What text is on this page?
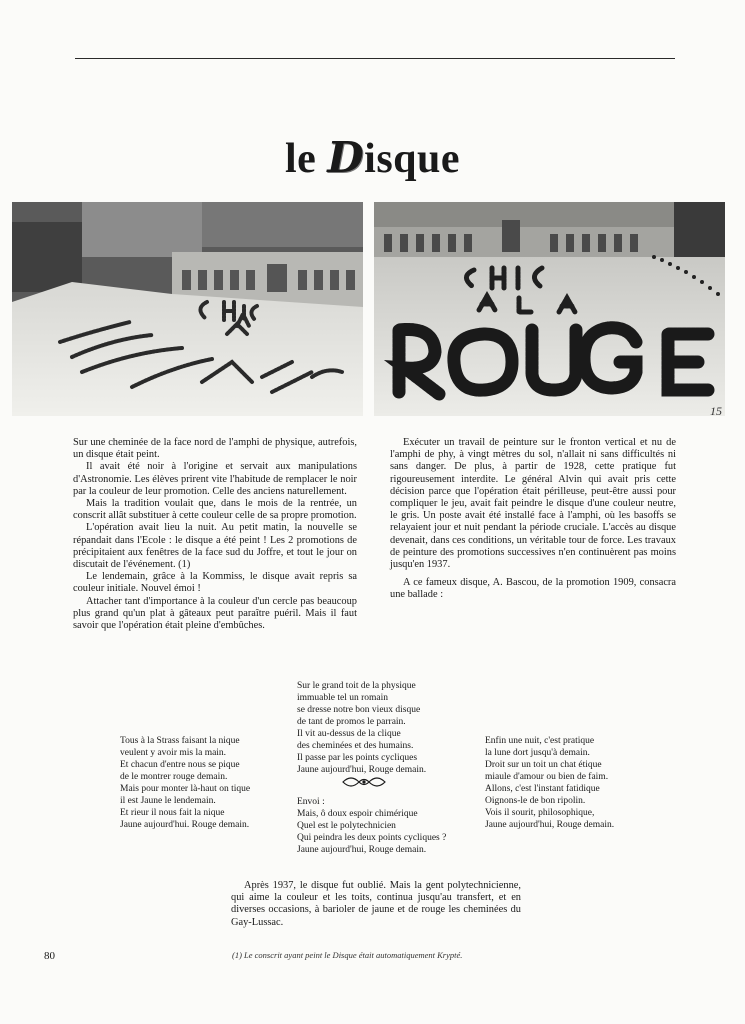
le Disque
15

Sur une cheminée de la face nord de l'amphi de physique, autrefois, un disque était peint.

Il avait été noir à l'origine et servait aux manipulations d'Astronomie. Les élèves prirent vite l'habitude de remplacer le noir par la couleur de leur promotion. Celle des anciens naturellement.

Mais la tradition voulait que, dans le mois de la rentrée, un conscrit allât substituer à cette couleur celle de sa propre promotion.

L'opération avait lieu la nuit. Au petit matin, la nouvelle se répandait dans l'Ecole : le disque a été peint ! Les 2 promotions de précipitaient aux fenêtres de la face sud du Joffre, et tout le jour on discutait de l'événement. (1)

Le lendemain, grâce à la Kommiss, le disque avait repris sa couleur initiale. Nouvel émoi !

Attacher tant d'importance à la couleur d'un cercle pas beaucoup plus grand qu'un plat à gâteaux peut paraître puéril. Mais il faut savoir que l'opération était pleine d'embûches.

Exécuter un travail de peinture sur le fronton vertical et nu de l'amphi de phy, à vingt mètres du sol, n'allait ni sans difficultés ni sans danger. De plus, à partir de 1928, cette pratique fut rigoureusement interdite. Le général Alvin qui avait pris cette décision parce que l'opération était périlleuse, peut-être aussi pour compliquer le jeu, avait fait peindre le disque d'une couleur neutre, le gris. Un poste avait été installé face à l'amphi, où les basoffs se relayaient jour et nuit pendant la période cruciale. L'accès au disque devenait, dans ces conditions, un véritable tour de force. Les travaux de peinture des promotions successives n'en continuèrent pas moins jusqu'en 1937.

A ce fameux disque, A. Bascou, de la promotion 1909, consacra une ballade :

Sur le grand toit de la physique
immuable tel un romain
se dresse notre bon vieux disque
de tant de promos le parrain.
Il vit au-dessus de la clique
des cheminées et des humains.
Il passe par les points cycliques
Jaune aujourd'hui, Rouge demain.
Tous à la Strass faisant la nique
veulent y avoir mis la main.
Et chacun d'entre nous se pique
de le montrer rouge demain.
Mais pour monter là-haut on tique
il est Jaune le lendemain.
Et rieur il nous fait la nique
Jaune aujourd'hui. Rouge demain.
Enfin une nuit, c'est pratique
la lune dort jusqu'à demain.
Droit sur un toit un chat étique
miaule d'amour ou bien de faim.
Allons, c'est l'instant fatidique
Oignons-le de bon ripolin.
Vois il sourit, philosophique,
Jaune aujourd'hui, Rouge demain.
Envoi :
Mais, ô doux espoir chimérique
Quel est le polytechnicien
Qui peindra les deux points cycliques ?
Jaune aujourd'hui, Rouge demain.

Après 1937, le disque fut oublié. Mais la gent polytechnicienne, qui aime la couleur et les toits, continua jusqu'au transfert, et en diverses occasions, à barioler de jaune et de rouge les cheminées du Gay-Lussac.

80	(1) Le conscrit ayant peint le Disque était automatiquement Krypté.
